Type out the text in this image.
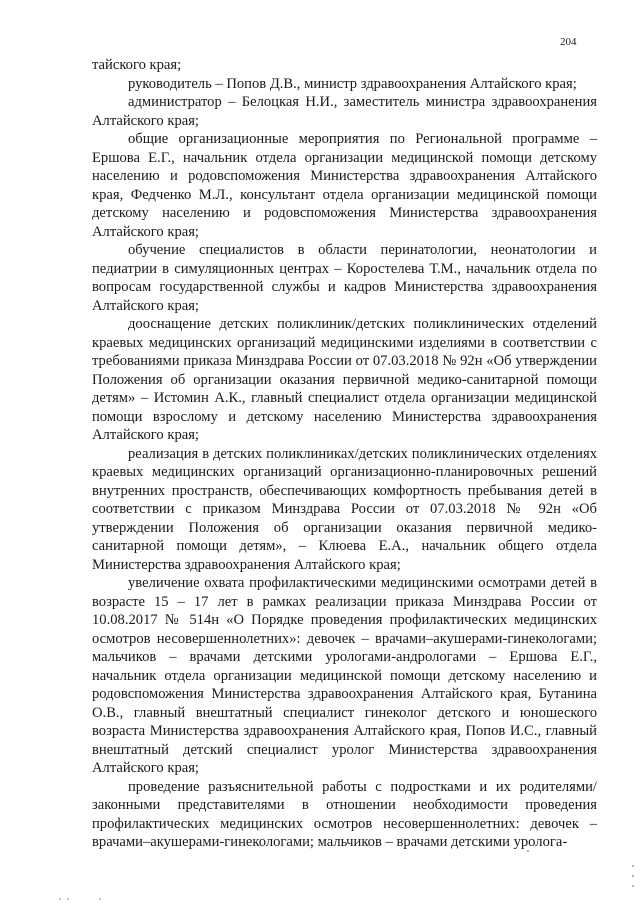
204

тайского края;

руководитель – Попов Д.В., министр здравоохранения Алтайского края;

администратор – Белоцкая Н.И., заместитель министра здравоохранения Алтайского края;

общие организационные мероприятия по Региональной программе – Ершова Е.Г., начальник отдела организации медицинской помощи детскому населению и родовспоможения Министерства здравоохранения Алтайского края, Федченко М.Л., консультант отдела организации медицинской помощи детскому населению и родовспоможения Министерства здравоохранения Алтайского края;

обучение специалистов в области перинатологии, неонатологии и педиатрии в симуляционных центрах – Коростелева Т.М., начальник отдела по вопросам государственной службы и кадров Министерства здравоохранения Алтайского края;

дооснащение детских поликлиник/детских поликлинических отделений краевых медицинских организаций медицинскими изделиями в соответствии с требованиями приказа Минздрава России от 07.03.2018 № 92н «Об утверждении Положения об организации оказания первичной медико-санитарной помощи детям» – Истомин А.К., главный специалист отдела организации медицинской помощи взрослому и детскому населению Министерства здравоохранения Алтайского края;

реализация в детских поликлиниках/детских поликлинических отделениях краевых медицинских организаций организационно-планировочных решений внутренних пространств, обеспечивающих комфортность пребывания детей в соответствии с приказом Минздрава России от 07.03.2018 № 92н «Об утверждении Положения об организации оказания первичной медико-санитарной помощи детям», – Клюева Е.А., начальник общего отдела Министерства здравоохранения Алтайского края;

увеличение охвата профилактическими медицинскими осмотрами детей в возрасте 15 – 17 лет в рамках реализации приказа Минздрава России от 10.08.2017 № 514н «О Порядке проведения профилактических медицинских осмотров несовершеннолетних»: девочек – врачами–акушерами-гинекологами; мальчиков – врачами детскими урологами-андрологами – Ершова Е.Г., начальник отдела организации медицинской помощи детскому населению и родовспоможения Министерства здравоохранения Алтайского края, Бутанина О.В., главный внештатный специалист гинеколог детского и юношеского возраста Министерства здравоохранения Алтайского края, Попов И.С., главный внештатный детский специалист уролог Министерства здравоохранения Алтайского края;

проведение разъяснительной работы с подростками и их родителями/законными представителями в отношении необходимости проведения профилактических медицинских осмотров несовершеннолетних: девочек – врачами–акушерами-гинекологами; мальчиков – врачами детскими уролога-
